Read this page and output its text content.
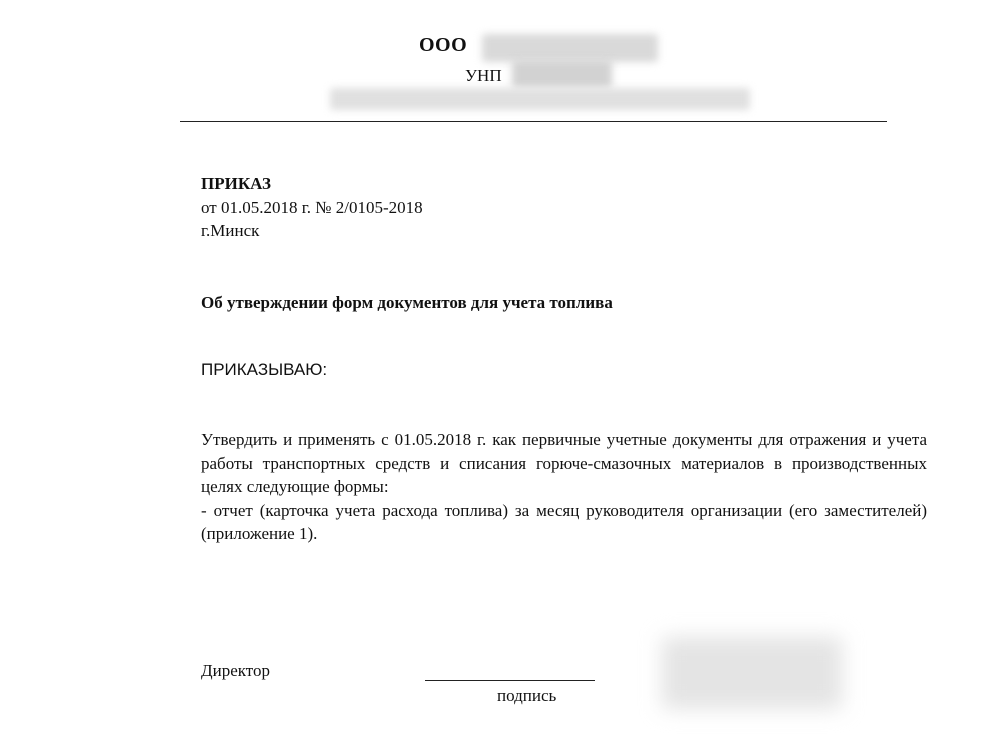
ООО
УНП
ПРИКАЗ
от 01.05.2018 г. № 2/0105-2018
г.Минск
Об утверждении форм документов для учета топлива
ПРИКАЗЫВАЮ:

Утвердить и применять с 01.05.2018 г. как первичные учетные документы для отражения и учета работы транспортных средств и списания горюче-смазочных материалов в производственных целях следующие формы:

- отчет (карточка учета расхода топлива) за месяц руководителя организации (его заместителей) (приложение 1).

Директор
подпись
